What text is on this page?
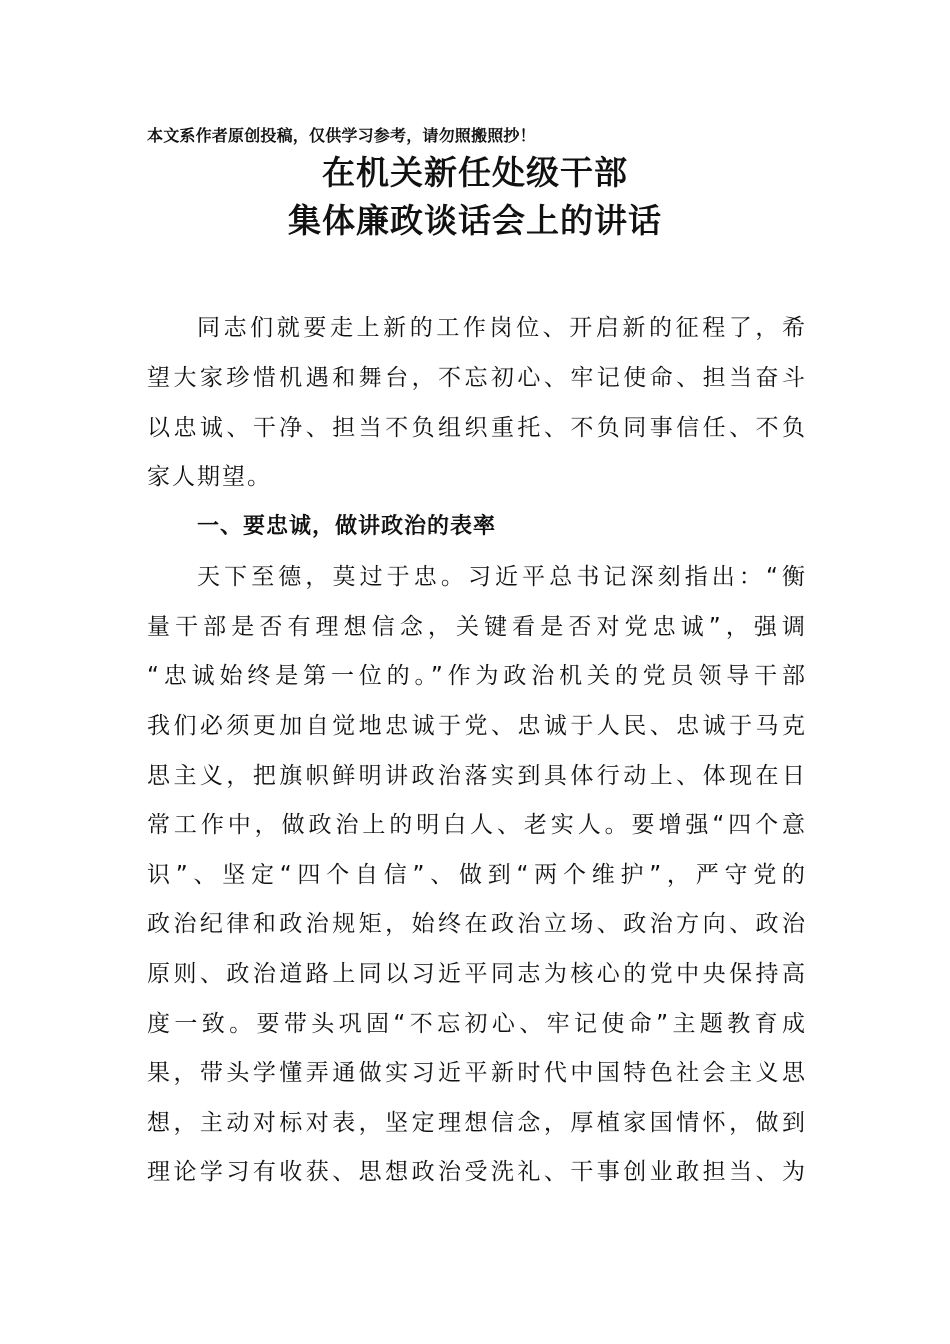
本文系作者原创投稿，仅供学习参考，请勿照搬照抄！
在机关新任处级干部
集体廉政谈话会上的讲话
同志们就要走上新的工作岗位、开启新的征程了，希
望大家珍惜机遇和舞台，不忘初心、牢记使命、担当奋斗
以忠诚、干净、担当不负组织重托、不负同事信任、不负
家人期望。
一、要忠诚，做讲政治的表率
天下至德，莫过于忠。习近平总书记深刻指出：“衡
量干部是否有理想信念，关键看是否对党忠诚”，强调
“忠诚始终是第一位的。”作为政治机关的党员领导干部
我们必须更加自觉地忠诚于党、忠诚于人民、忠诚于马克
思主义，把旗帜鲜明讲政治落实到具体行动上、体现在日
常工作中，做政治上的明白人、老实人。要增强“四个意
识”、坚定“四个自信”、做到“两个维护”，严守党的
政治纪律和政治规矩，始终在政治立场、政治方向、政治
原则、政治道路上同以习近平同志为核心的党中央保持高
度一致。要带头巩固“不忘初心、牢记使命”主题教育成
果，带头学懂弄通做实习近平新时代中国特色社会主义思
想，主动对标对表，坚定理想信念，厚植家国情怀，做到
理论学习有收获、思想政治受洗礼、干事创业敢担当、为
